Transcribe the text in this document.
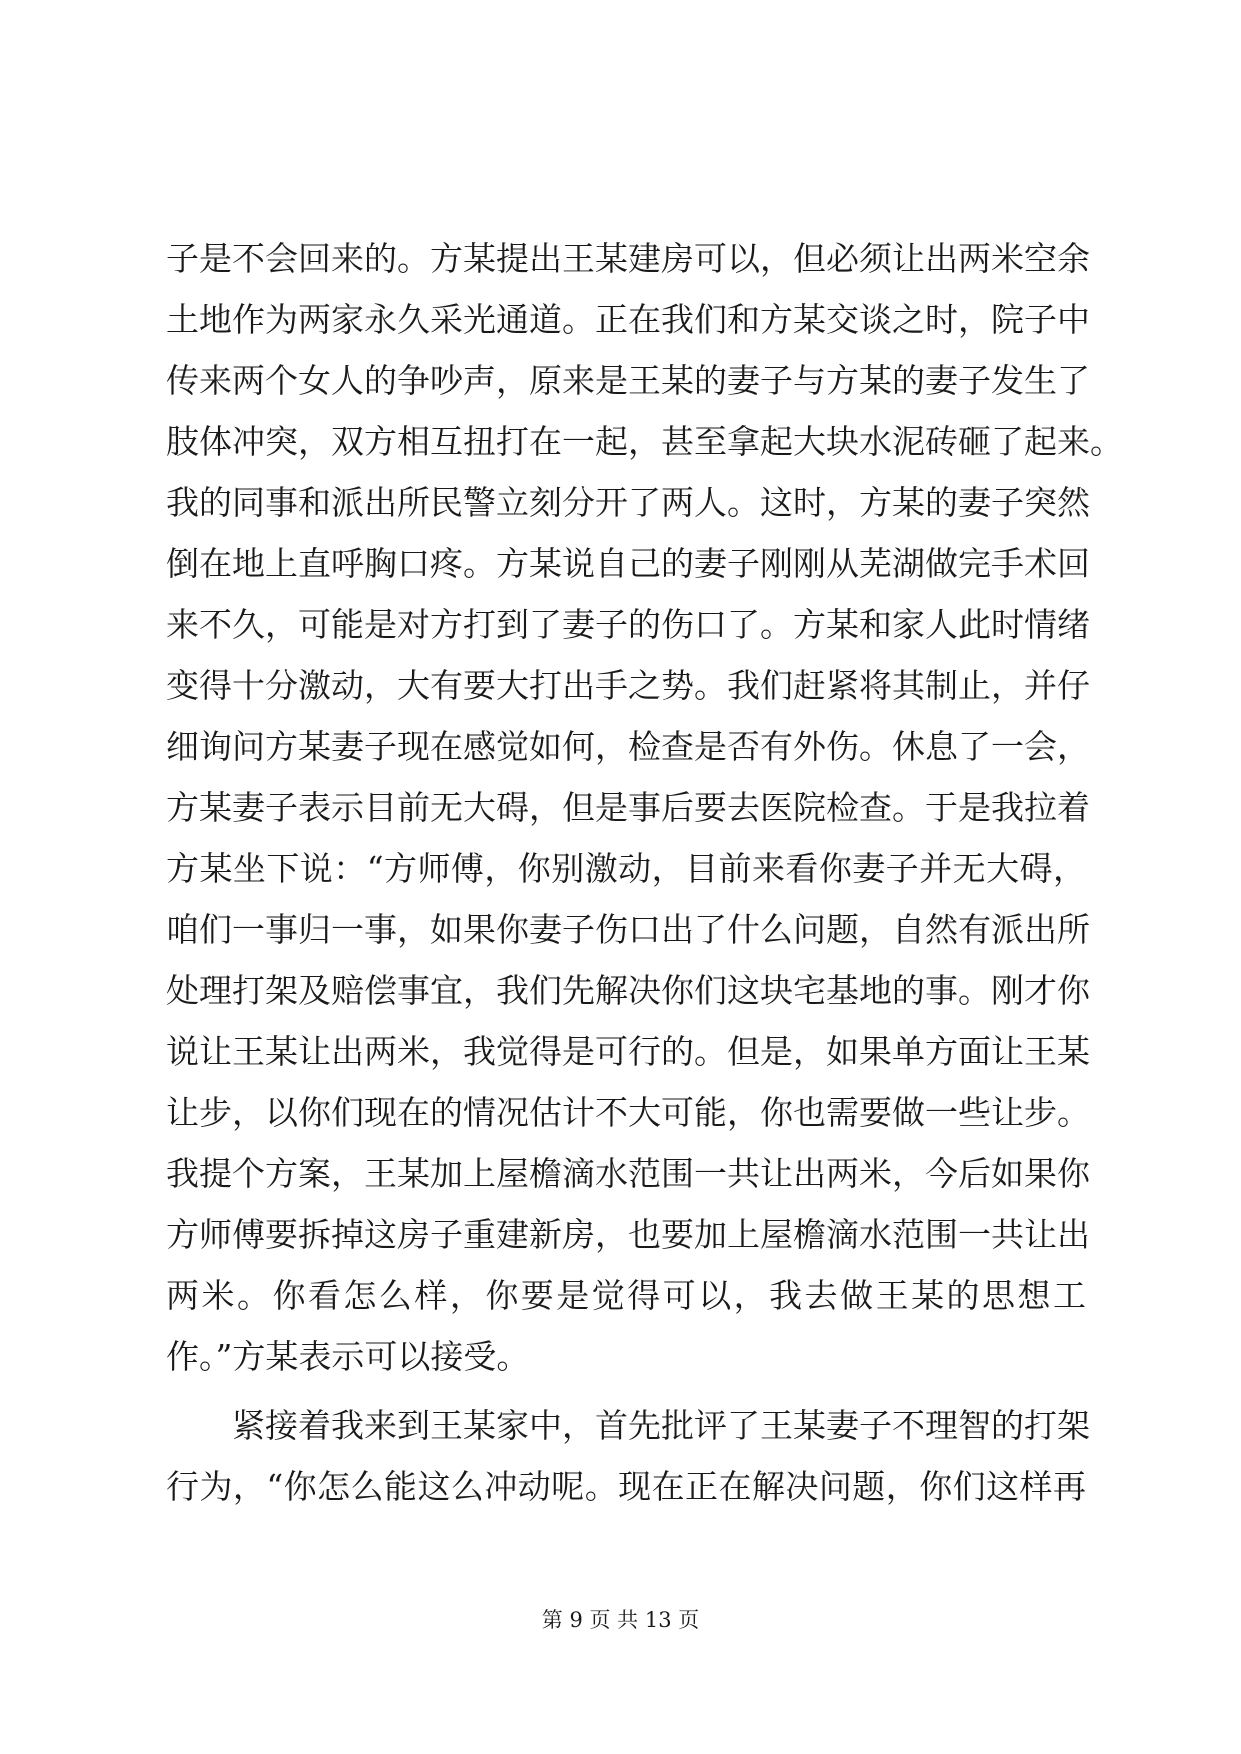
子是不会回来的。方某提出王某建房可以，但必须让出两米空余
土地作为两家永久采光通道。正在我们和方某交谈之时，院子中
传来两个女人的争吵声，原来是王某的妻子与方某的妻子发生了
肢体冲突，双方相互扭打在一起，甚至拿起大块水泥砖砸了起来。
我的同事和派出所民警立刻分开了两人。这时，方某的妻子突然
倒在地上直呼胸口疼。方某说自己的妻子刚刚从芜湖做完手术回
来不久，可能是对方打到了妻子的伤口了。方某和家人此时情绪
变得十分激动，大有要大打出手之势。我们赶紧将其制止，并仔
细询问方某妻子现在感觉如何，检查是否有外伤。休息了一会，
方某妻子表示目前无大碍，但是事后要去医院检查。于是我拉着
方某坐下说：“方师傅，你别激动，目前来看你妻子并无大碍，
咱们一事归一事，如果你妻子伤口出了什么问题，自然有派出所
处理打架及赔偿事宜，我们先解决你们这块宅基地的事。刚才你
说让王某让出两米，我觉得是可行的。但是，如果单方面让王某
让步，以你们现在的情况估计不大可能，你也需要做一些让步。
我提个方案，王某加上屋檐滴水范围一共让出两米，今后如果你
方师傅要拆掉这房子重建新房，也要加上屋檐滴水范围一共让出
两米。你看怎么样，你要是觉得可以，我去做王某的思想工
作。”方某表示可以接受。
紧接着我来到王某家中，首先批评了王某妻子不理智的打架
行为，“你怎么能这么冲动呢。现在正在解决问题，你们这样再
第 9 页 共 13 页
